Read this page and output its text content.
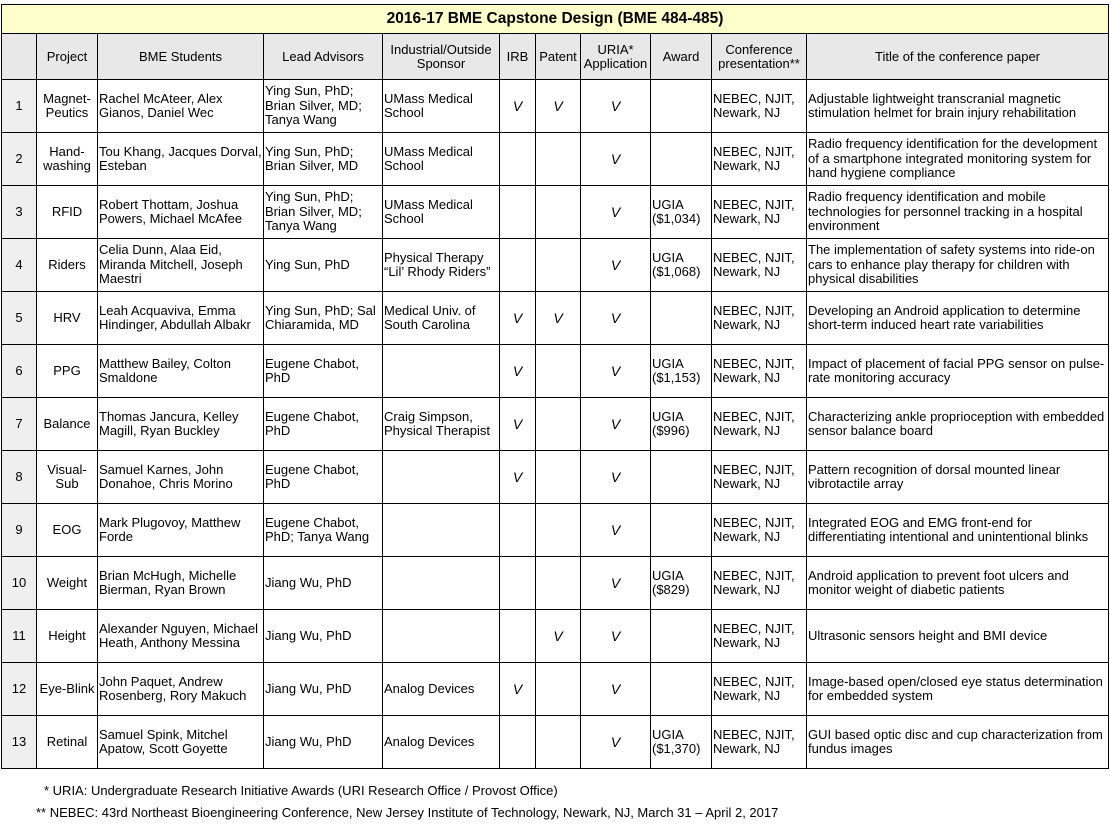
2016-17 BME Capstone Design (BME 484-485)										
	Project	BME Students	Lead Advisors	Industrial/Outside Sponsor	IRB	Patent	URIA* Application	Award	Conference presentation**	Title of the conference paper
1	Magnet-Peutics	Rachel McAteer, Alex Gianos, Daniel Wec	Ying Sun, PhD; Brian Silver, MD; Tanya Wang	UMass Medical School	V	V	V		NEBEC, NJIT, Newark, NJ	Adjustable lightweight transcranial magnetic stimulation helmet for brain injury rehabilitation
2	Hand-washing	Tou Khang, Jacques Dorval, Esteban	Ying Sun, PhD; Brian Silver, MD	UMass Medical School			V		NEBEC, NJIT, Newark, NJ	Radio frequency identification for the development of a smartphone integrated monitoring system for hand hygiene compliance
3	RFID	Robert Thottam, Joshua Powers, Michael McAfee	Ying Sun, PhD; Brian Silver, MD; Tanya Wang	UMass Medical School			V	UGIA ($1,034)	NEBEC, NJIT, Newark, NJ	Radio frequency identification and mobile technologies for personnel tracking in a hospital environment
4	Riders	Celia Dunn, Alaa Eid, Miranda Mitchell, Joseph Maestri	Ying Sun, PhD	Physical Therapy “Lil’ Rhody Riders”			V	UGIA ($1,068)	NEBEC, NJIT, Newark, NJ	The implementation of safety systems into ride-on cars to enhance play therapy for children with physical disabilities
5	HRV	Leah Acquaviva, Emma Hindinger, Abdullah Albakr	Ying Sun, PhD; Sal Chiaramida, MD	Medical Univ. of South Carolina	V	V	V		NEBEC, NJIT, Newark, NJ	Developing an Android application to determine short-term induced heart rate variabilities
6	PPG	Matthew Bailey, Colton Smaldone	Eugene Chabot, PhD		V		V	UGIA ($1,153)	NEBEC, NJIT, Newark, NJ	Impact of placement of facial PPG sensor on pulse-rate monitoring accuracy
7	Balance	Thomas Jancura, Kelley Magill, Ryan Buckley	Eugene Chabot, PhD	Craig Simpson, Physical Therapist	V		V	UGIA ($996)	NEBEC, NJIT, Newark, NJ	Characterizing ankle proprioception with embedded sensor balance board
8	Visual-Sub	Samuel Karnes, John Donahoe, Chris Morino	Eugene Chabot, PhD		V		V		NEBEC, NJIT, Newark, NJ	Pattern recognition of dorsal mounted linear vibrotactile array
9	EOG	Mark Plugovoy, Matthew Forde	Eugene Chabot, PhD; Tanya Wang				V		NEBEC, NJIT, Newark, NJ	Integrated EOG and EMG front-end for differentiating intentional and unintentional blinks
10	Weight	Brian McHugh, Michelle Bierman, Ryan Brown	Jiang Wu, PhD				V	UGIA ($829)	NEBEC, NJIT, Newark, NJ	Android application to prevent foot ulcers and monitor weight of diabetic patients
11	Height	Alexander Nguyen, Michael Heath, Anthony Messina	Jiang Wu, PhD			V	V		NEBEC, NJIT, Newark, NJ	Ultrasonic sensors height and BMI device
12	Eye-Blink	John Paquet, Andrew Rosenberg, Rory Makuch	Jiang Wu, PhD	Analog Devices	V		V		NEBEC, NJIT, Newark, NJ	Image-based open/closed eye status determination for embedded system
13	Retinal	Samuel Spink, Mitchel Apatow, Scott Goyette	Jiang Wu, PhD	Analog Devices			V	UGIA ($1,370)	NEBEC, NJIT, Newark, NJ	GUI based optic disc and cup characterization from fundus images
* URIA: Undergraduate Research Initiative Awards (URI Research Office / Provost Office)
** NEBEC: 43rd Northeast Bioengineering Conference, New Jersey Institute of Technology, Newark, NJ, March 31 – April 2, 2017
